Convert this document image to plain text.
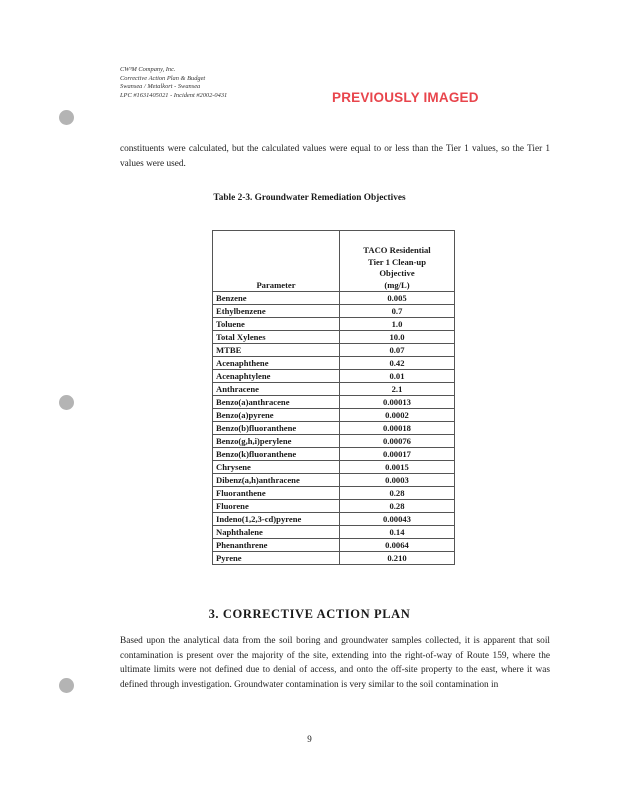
CW³M Company, Inc.
Corrective Action Plan & Budget
Swansea / Metalkort - Swansea
LPC #1631405021 - Incident #2002-0431	PREVIOUSLY IMAGED
constituents were calculated, but the calculated values were equal to or less than the Tier 1 values, so the Tier 1 values were used.
Table 2-3. Groundwater Remediation Objectives
Parameter	TACO Residential
Tier 1 Clean-up
Objective
(mg/L)

Benzene	0.005
Ethylbenzene	0.7
Toluene	1.0
Total Xylenes	10.0
MTBE	0.07
Acenaphthene	0.42
Acenaphtylene	0.01
Anthracene	2.1
Benzo(a)anthracene	0.00013
Benzo(a)pyrene	0.0002
Benzo(b)fluoranthene	0.00018
Benzo(g,h,i)perylene	0.00076
Benzo(k)fluoranthene	0.00017
Chrysene	0.0015
Dibenz(a,h)anthracene	0.0003
Fluoranthene	0.28
Fluorene	0.28
Indeno(1,2,3-cd)pyrene	0.00043
Naphthalene	0.14
Phenanthrene	0.0064
Pyrene	0.210
3. CORRECTIVE ACTION PLAN
Based upon the analytical data from the soil boring and groundwater samples collected, it is apparent that soil contamination is present over the majority of the site, extending into the right-of-way of Route 159, where the ultimate limits were not defined due to denial of access, and onto the off-site property to the east, where it was defined through investigation. Groundwater contamination is very similar to the soil contamination in
9
